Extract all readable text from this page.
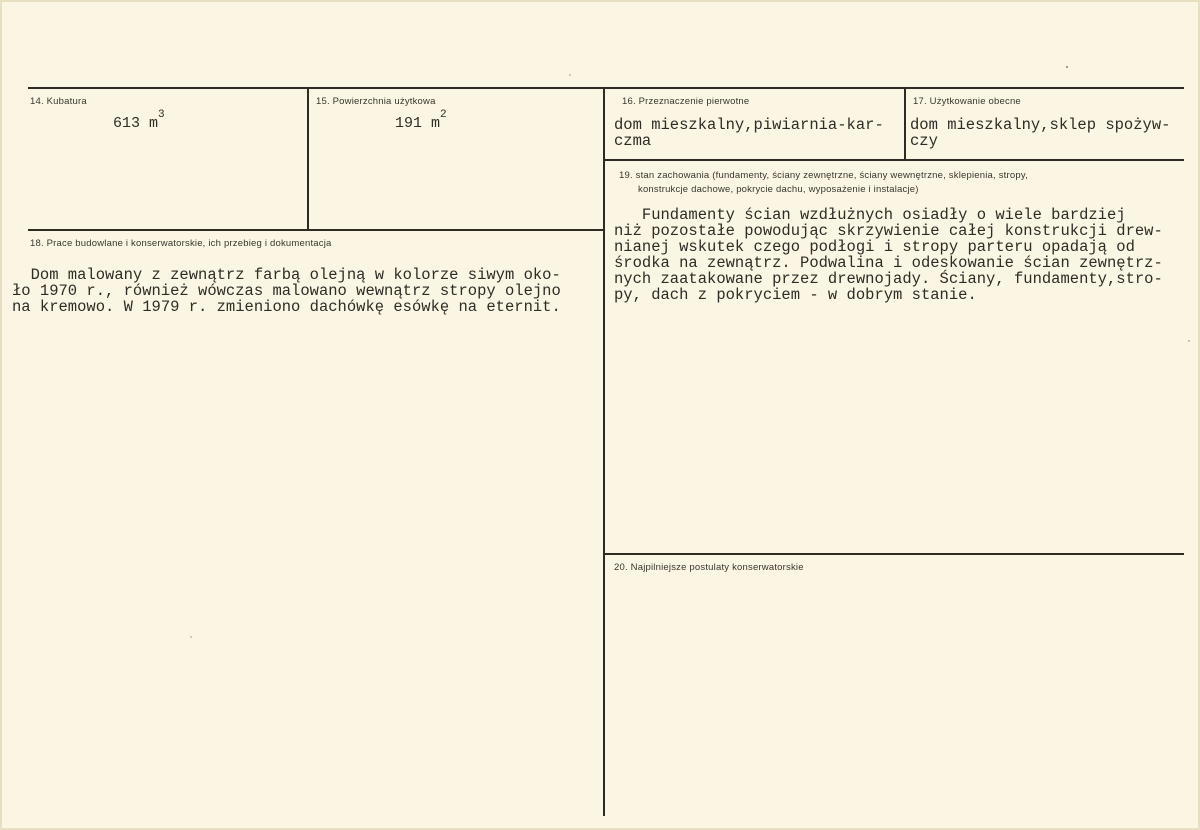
14. Kubatura
613 $m^3$
15. Powierzchnia użytkowa
191 $m^2$
16. Przeznaczenie pierwotne
dom mieszkalny,piwiarnia-kar-
czma
17. Użytkowanie obecne
dom mieszkalny,sklep spożyw-
czy
18. Prace budowlane i konserwatorskie, ich przebieg i dokumentacja
Dom malowany z zewnątrz farbą olejną w kolorze siwym oko-
ło 1970 r., również wówczas malowano wewnątrz stropy olejno
na kremowo. W 1979 r. zmieniono dachówkę esówkę na eternit.
19. stan zachowania (fundamenty, ściany zewnętrzne, ściany wewnętrzne, sklepienia, stropy,
konstrukcje dachowe, pokrycie dachu, wyposażenie i instalacje)
Fundamenty ścian wzdłużnych osiadły o wiele bardziej
niż pozostałe powodując skrzywienie całej konstrukcji drew-
nianej wskutek czego podłogi i stropy parteru opadają od
środka na zewnątrz. Podwalina i odeskowanie ścian zewnętrz-
nych zaatakowane przez drewnojady. Ściany, fundamenty,stro-
py, dach z pokryciem - w dobrym stanie.
20. Najpilniejsze postulaty konserwatorskie
